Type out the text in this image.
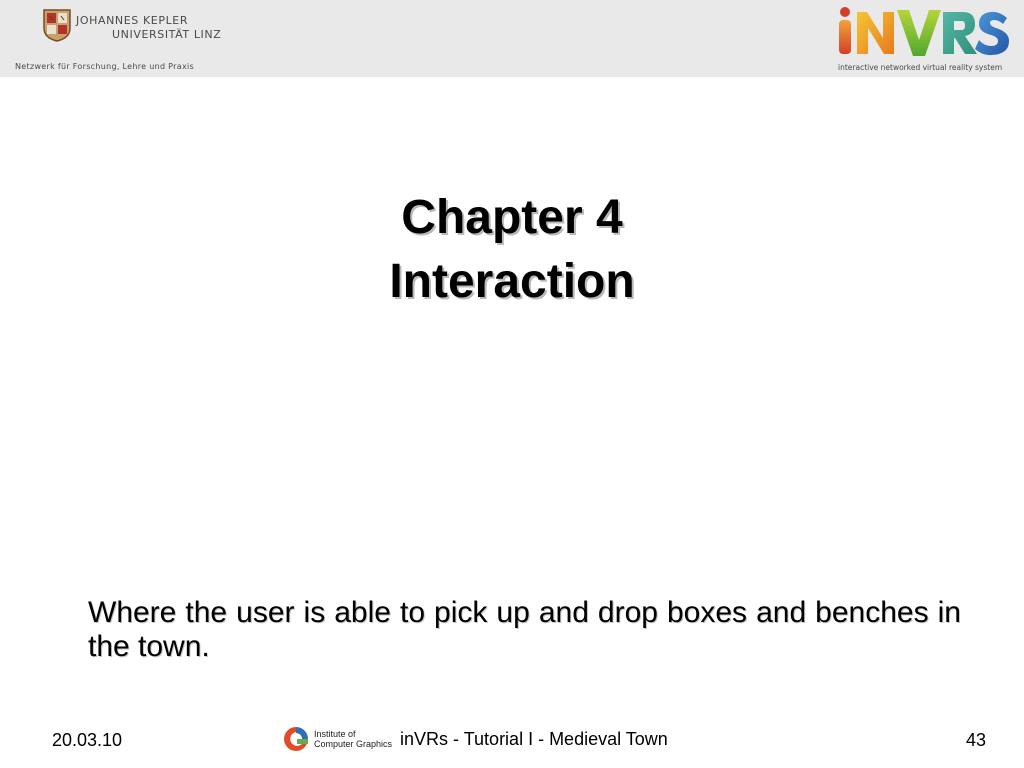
JOHANNES KEPLER
UNIVERSITÄT LINZ
Netzwerk für Forschung, Lehre und Praxis	interactive networked virtual reality system
Chapter 4
Interaction
Where the user is able to pick up and drop boxes and benches in the town.
20.03.10	Institute of
Computer Graphics inVRs - Tutorial I - Medieval Town	43
